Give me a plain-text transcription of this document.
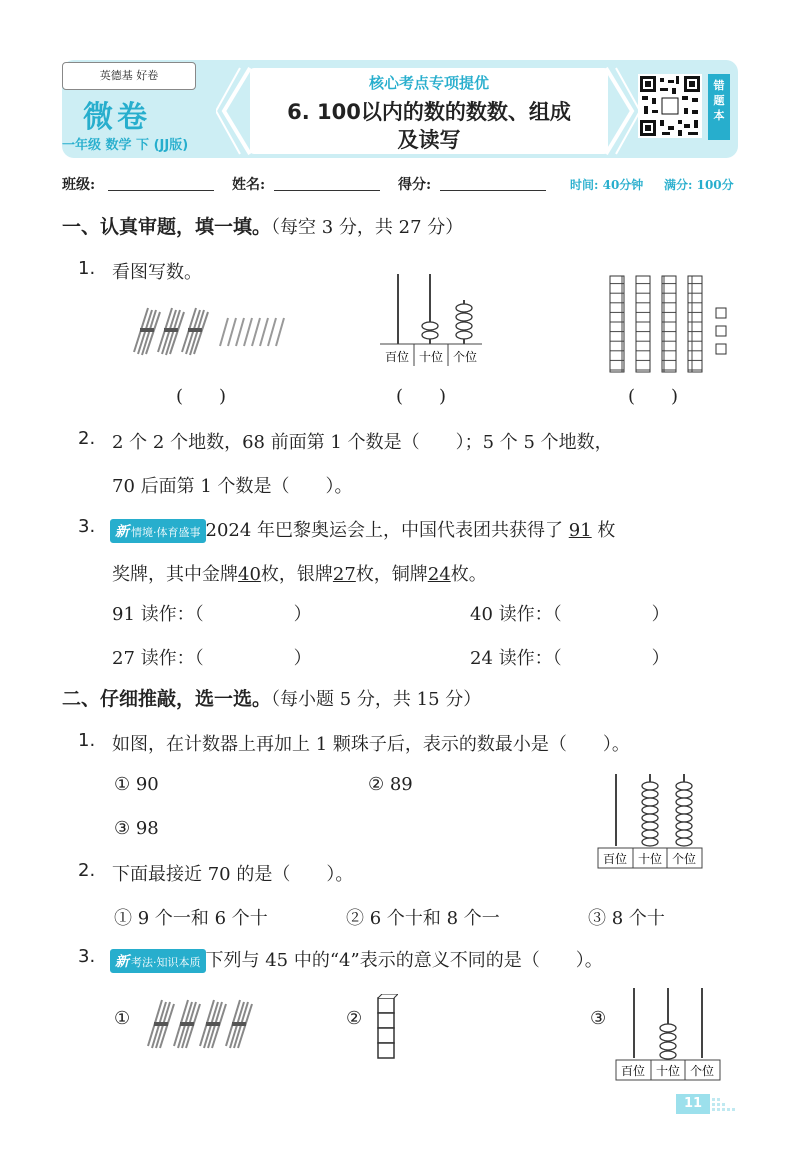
英德基 好卷
微卷
一年级 数学 下 (JJ版)
核心考点专项提优
6. 100以内的数的数数、组成
及读写
错题本
班级:	姓名:	得分:	时间: 40分钟 满分: 100分
一、认真审题，填一填。（每空 3 分，共 27 分）
1. 看图写数。
(　　)
百位 十位 个位
(　　)	(　　)
2. 2 个 2 个地数，68 前面第 1 个数是（　　）；5 个 5 个地数，
70 后面第 1 个数是（　　）。
3.	新 情境·体育盛事 2024 年巴黎奥运会上，中国代表团共获得了 91 枚
奖牌，其中金牌40枚，银牌27枚，铜牌24枚。
91 读作：（　　　　　）	40 读作：（　　　　　）
27 读作：（　　　　　）	24 读作：（　　　　　）
二、仔细推敲，选一选。（每小题 5 分，共 15 分）
1. 如图，在计数器上再加上 1 颗珠子后，表示的数最小是（　　）。
① 90	② 89
③ 98
百位 十位 个位
2. 下面最接近 70 的是（　　）。
① 9 个一和 6 个十	② 6 个十和 8 个一	③ 8 个十
3.	新 考法·知识本质 下列与 45 中的“4”表示的意义不同的是（　　）。
①	②	③
百位 十位 个位
11
